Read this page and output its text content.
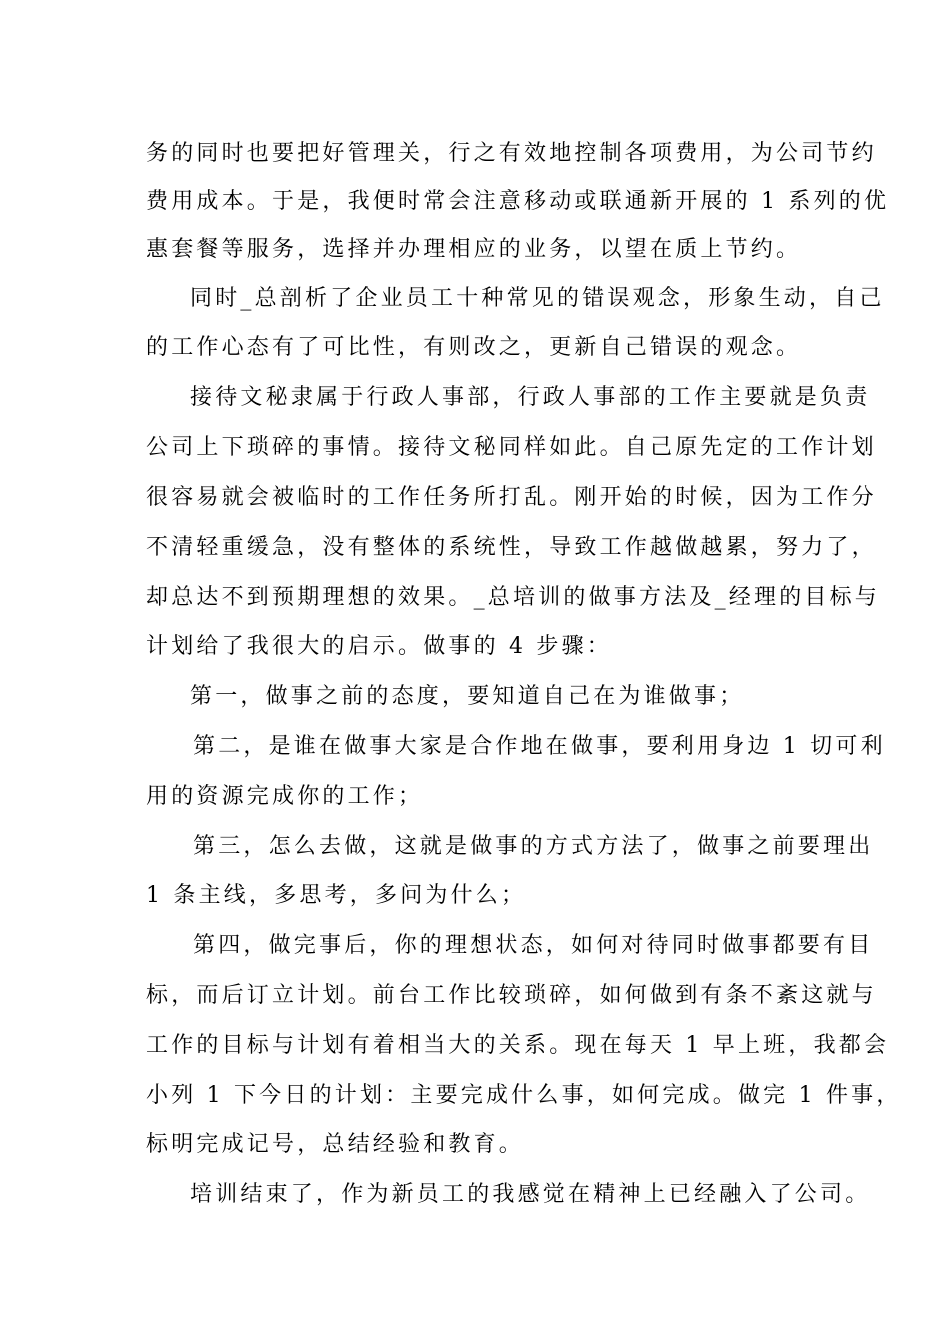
务的同时也要把好管理关，行之有效地控制各项费用，为公司节约
费用成本。于是，我便时常会注意移动或联通新开展的 1 系列的优
惠套餐等服务，选择并办理相应的业务，以望在质上节约。
同时_总剖析了企业员工十种常见的错误观念，形象生动，自己
的工作心态有了可比性，有则改之，更新自己错误的观念。
接待文秘隶属于行政人事部，行政人事部的工作主要就是负责
公司上下琐碎的事情。接待文秘同样如此。自己原先定的工作计划
很容易就会被临时的工作任务所打乱。刚开始的时候，因为工作分
不清轻重缓急，没有整体的系统性，导致工作越做越累，努力了，
却总达不到预期理想的效果。_总培训的做事方法及_经理的目标与
计划给了我很大的启示。做事的 4 步骤：
第一，做事之前的态度，要知道自己在为谁做事；
第二，是谁在做事大家是合作地在做事，要利用身边 1 切可利
用的资源完成你的工作；
第三，怎么去做，这就是做事的方式方法了，做事之前要理出
1 条主线，多思考，多问为什么；
第四，做完事后，你的理想状态，如何对待同时做事都要有目
标，而后订立计划。前台工作比较琐碎，如何做到有条不紊这就与
工作的目标与计划有着相当大的关系。现在每天 1 早上班，我都会
小列 1 下今日的计划：主要完成什么事，如何完成。做完 1 件事，
标明完成记号，总结经验和教育。
培训结束了，作为新员工的我感觉在精神上已经融入了公司。
